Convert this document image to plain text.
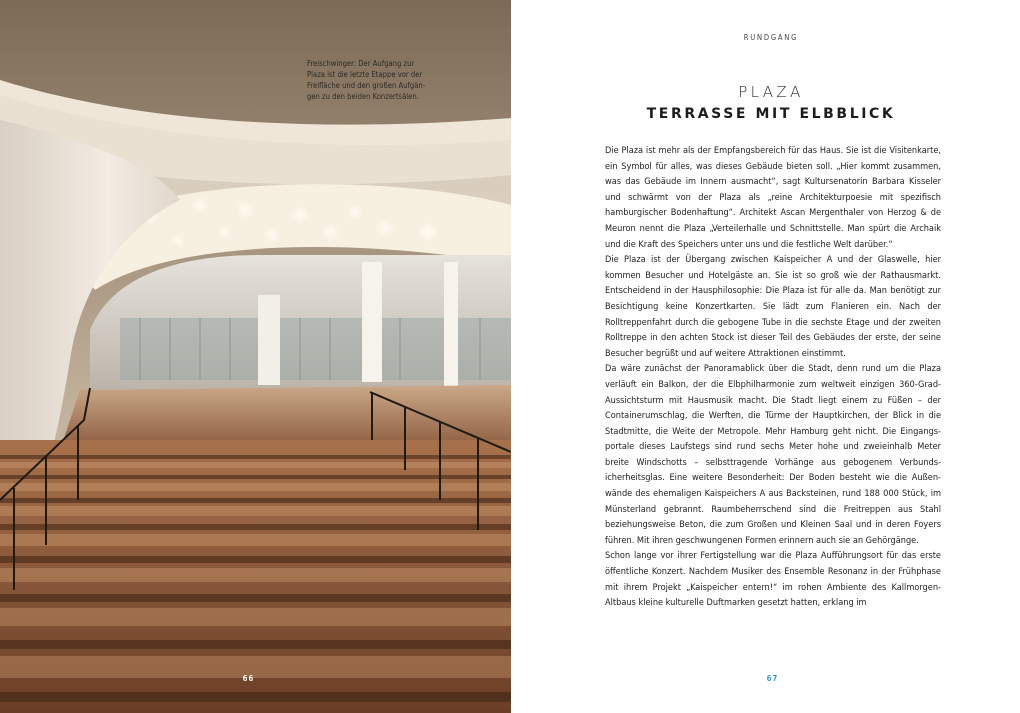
Freischwinger: Der Aufgang zur
Plaza ist die letzte Etappe vor der
Freifläche und den großen Aufgän-
gen zu den beiden Konzertsälen.
66
RUNDGANG
PLAZA
TERRASSE MIT ELBBLICK

Die Plaza ist mehr als der Empfangsbereich für das Haus. Sie ist die Visitenkarte, ein Symbol für alles, was dieses Gebäude bieten soll. „Hier kommt zusammen, was das Gebäude im Innern ausmacht“, sagt Kultursenatorin Barbara Kisseler und schwärmt von der Plaza als „reine Architekturpoesie mit spezifisch hamburgischer Bodenhaftung“. Architekt Ascan Mergenthaler von Herzog & de Meuron nennt die Plaza „Verteilerhalle und Schnittstelle. Man spürt die Archaik und die Kraft des Speichers unter uns und die festliche Welt darüber.“

Die Plaza ist der Übergang zwischen Kaispeicher A und der Glaswelle, hier kommen Besucher und Hotelgäste an. Sie ist so groß wie der Rathausmarkt. Entscheidend in der Hausphilosophie: Die Plaza ist für alle da. Man benötigt zur Besichtigung keine Konzertkarten. Sie lädt zum Flanieren ein. Nach der Rolltreppenfahrt durch die gebogene Tube in die sechste Etage und der zweiten Rolltreppe in den achten Stock ist dieser Teil des Gebäudes der erste, der seine Besucher begrüßt und auf weitere Attraktionen einstimmt.

Da wäre zunächst der Panoramablick über die Stadt, denn rund um die Plaza verläuft ein Balkon, der die Elbphilharmonie zum weltweit einzigen 360-Grad-Aussichtsturm mit Hausmusik macht. Die Stadt liegt einem zu Füßen – der Containerumschlag, die Werften, die Türme der Hauptkirchen, der Blick in die Stadtmitte, die Weite der Metropole. Mehr Hamburg geht nicht. Die Eingangsportale dieses Laufstegs sind rund sechs Meter hohe und zweieinhalb Meter breite Windschotts – selbsttragende Vorhänge aus gebogenem Verbundsicherheitsglas. Eine weitere Besonderheit: Der Boden besteht wie die Außenwände des ehemaligen Kaispeichers A aus Backsteinen, rund 188 000 Stück, im Münsterland gebrannt. Raumbeherrschend sind die Freitreppen aus Stahl beziehungsweise Beton, die zum Großen und Kleinen Saal und in deren Foyers führen. Mit ihren geschwungenen Formen erinnern auch sie an Gehörgänge.

Schon lange vor ihrer Fertigstellung war die Plaza Aufführungsort für das erste öffentliche Konzert. Nachdem Musiker des Ensemble Resonanz in der Frühphase mit ihrem Projekt „Kaispeicher entern!“ im rohen Ambiente des Kallmorgen-Altbaus kleine kulturelle Duftmarken gesetzt hatten, erklang im

67
